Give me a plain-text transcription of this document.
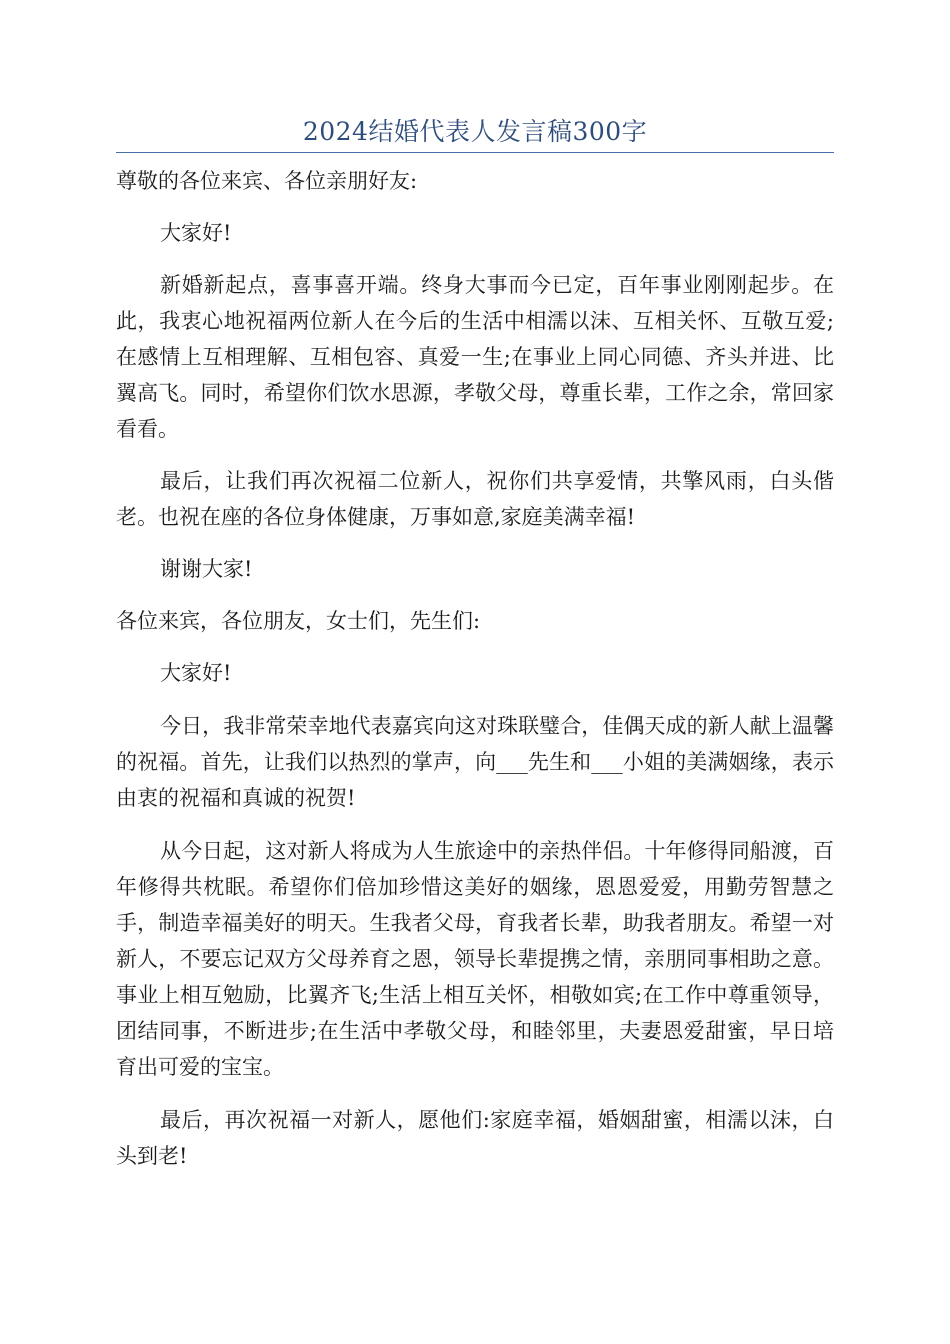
2024结婚代表人发言稿300字

尊敬的各位来宾、各位亲朋好友:

大家好!

新婚新起点，喜事喜开端。终身大事而今已定，百年事业刚刚起步。在此，我衷心地祝福两位新人在今后的生活中相濡以沫、互相关怀、互敬互爱;在感情上互相理解、互相包容、真爱一生;在事业上同心同德、齐头并进、比翼高飞。同时，希望你们饮水思源，孝敬父母，尊重长辈，工作之余，常回家看看。

最后，让我们再次祝福二位新人，祝你们共享爱情，共擎风雨，白头偕老。也祝在座的各位身体健康，万事如意,家庭美满幸福!

谢谢大家!

各位来宾，各位朋友，女士们，先生们:

大家好!

今日，我非常荣幸地代表嘉宾向这对珠联璧合，佳偶天成的新人献上温馨的祝福。首先，让我们以热烈的掌声，向___先生和___小姐的美满姻缘，表示由衷的祝福和真诚的祝贺!

从今日起，这对新人将成为人生旅途中的亲热伴侣。十年修得同船渡，百年修得共枕眠。希望你们倍加珍惜这美好的姻缘，恩恩爱爱，用勤劳智慧之手，制造幸福美好的明天。生我者父母，育我者长辈，助我者朋友。希望一对新人，不要忘记双方父母养育之恩，领导长辈提携之情，亲朋同事相助之意。事业上相互勉励，比翼齐飞;生活上相互关怀，相敬如宾;在工作中尊重领导，团结同事，不断进步;在生活中孝敬父母，和睦邻里，夫妻恩爱甜蜜，早日培育出可爱的宝宝。

最后，再次祝福一对新人，愿他们:家庭幸福，婚姻甜蜜，相濡以沫，白头到老!
